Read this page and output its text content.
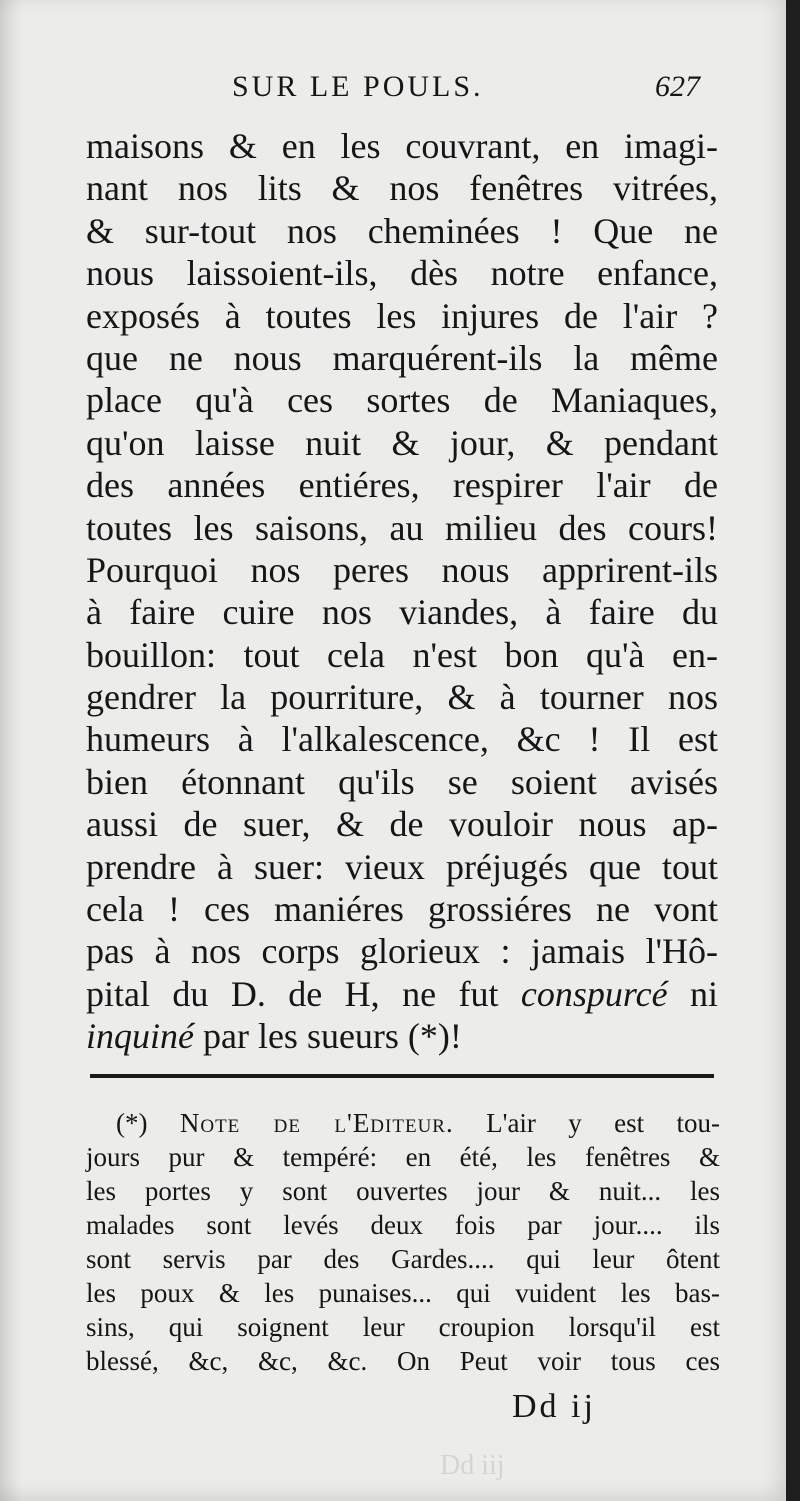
SUR LE POULS.	627
maisons & en les couvrant, en imagi-
nant nos lits & nos fenêtres vitrées,
& sur-tout nos cheminées ! Que ne
nous laissoient-ils, dès notre enfance,
exposés à toutes les injures de l'air ?
que ne nous marquérent-ils la même
place qu'à ces sortes de Maniaques,
qu'on laisse nuit & jour, & pendant
des années entiéres, respirer l'air de
toutes les saisons, au milieu des cours!
Pourquoi nos peres nous apprirent-ils
à faire cuire nos viandes, à faire du
bouillon: tout cela n'est bon qu'à en-
gendrer la pourriture, & à tourner nos
humeurs à l'alkalescence, &c ! Il est
bien étonnant qu'ils se soient avisés
aussi de suer, & de vouloir nous ap-
prendre à suer: vieux préjugés que tout
cela ! ces maniéres grossiéres ne vont
pas à nos corps glorieux : jamais l'Hô-
pital du D. de H, ne fut conspurcé ni
inquiné par les sueurs (*)!
(*) Note de l'Editeur. L'air y est tou-
jours pur & tempéré: en été, les fenêtres &
les portes y sont ouvertes jour & nuit... les
malades sont levés deux fois par jour.... ils
sont servis par des Gardes.... qui leur ôtent
les poux & les punaises... qui vuident les bas-
sins, qui soignent leur croupion lorsqu'il est
blessé, &c, &c, &c. On Peut voir tous ces
Dd ij
Dd iij
